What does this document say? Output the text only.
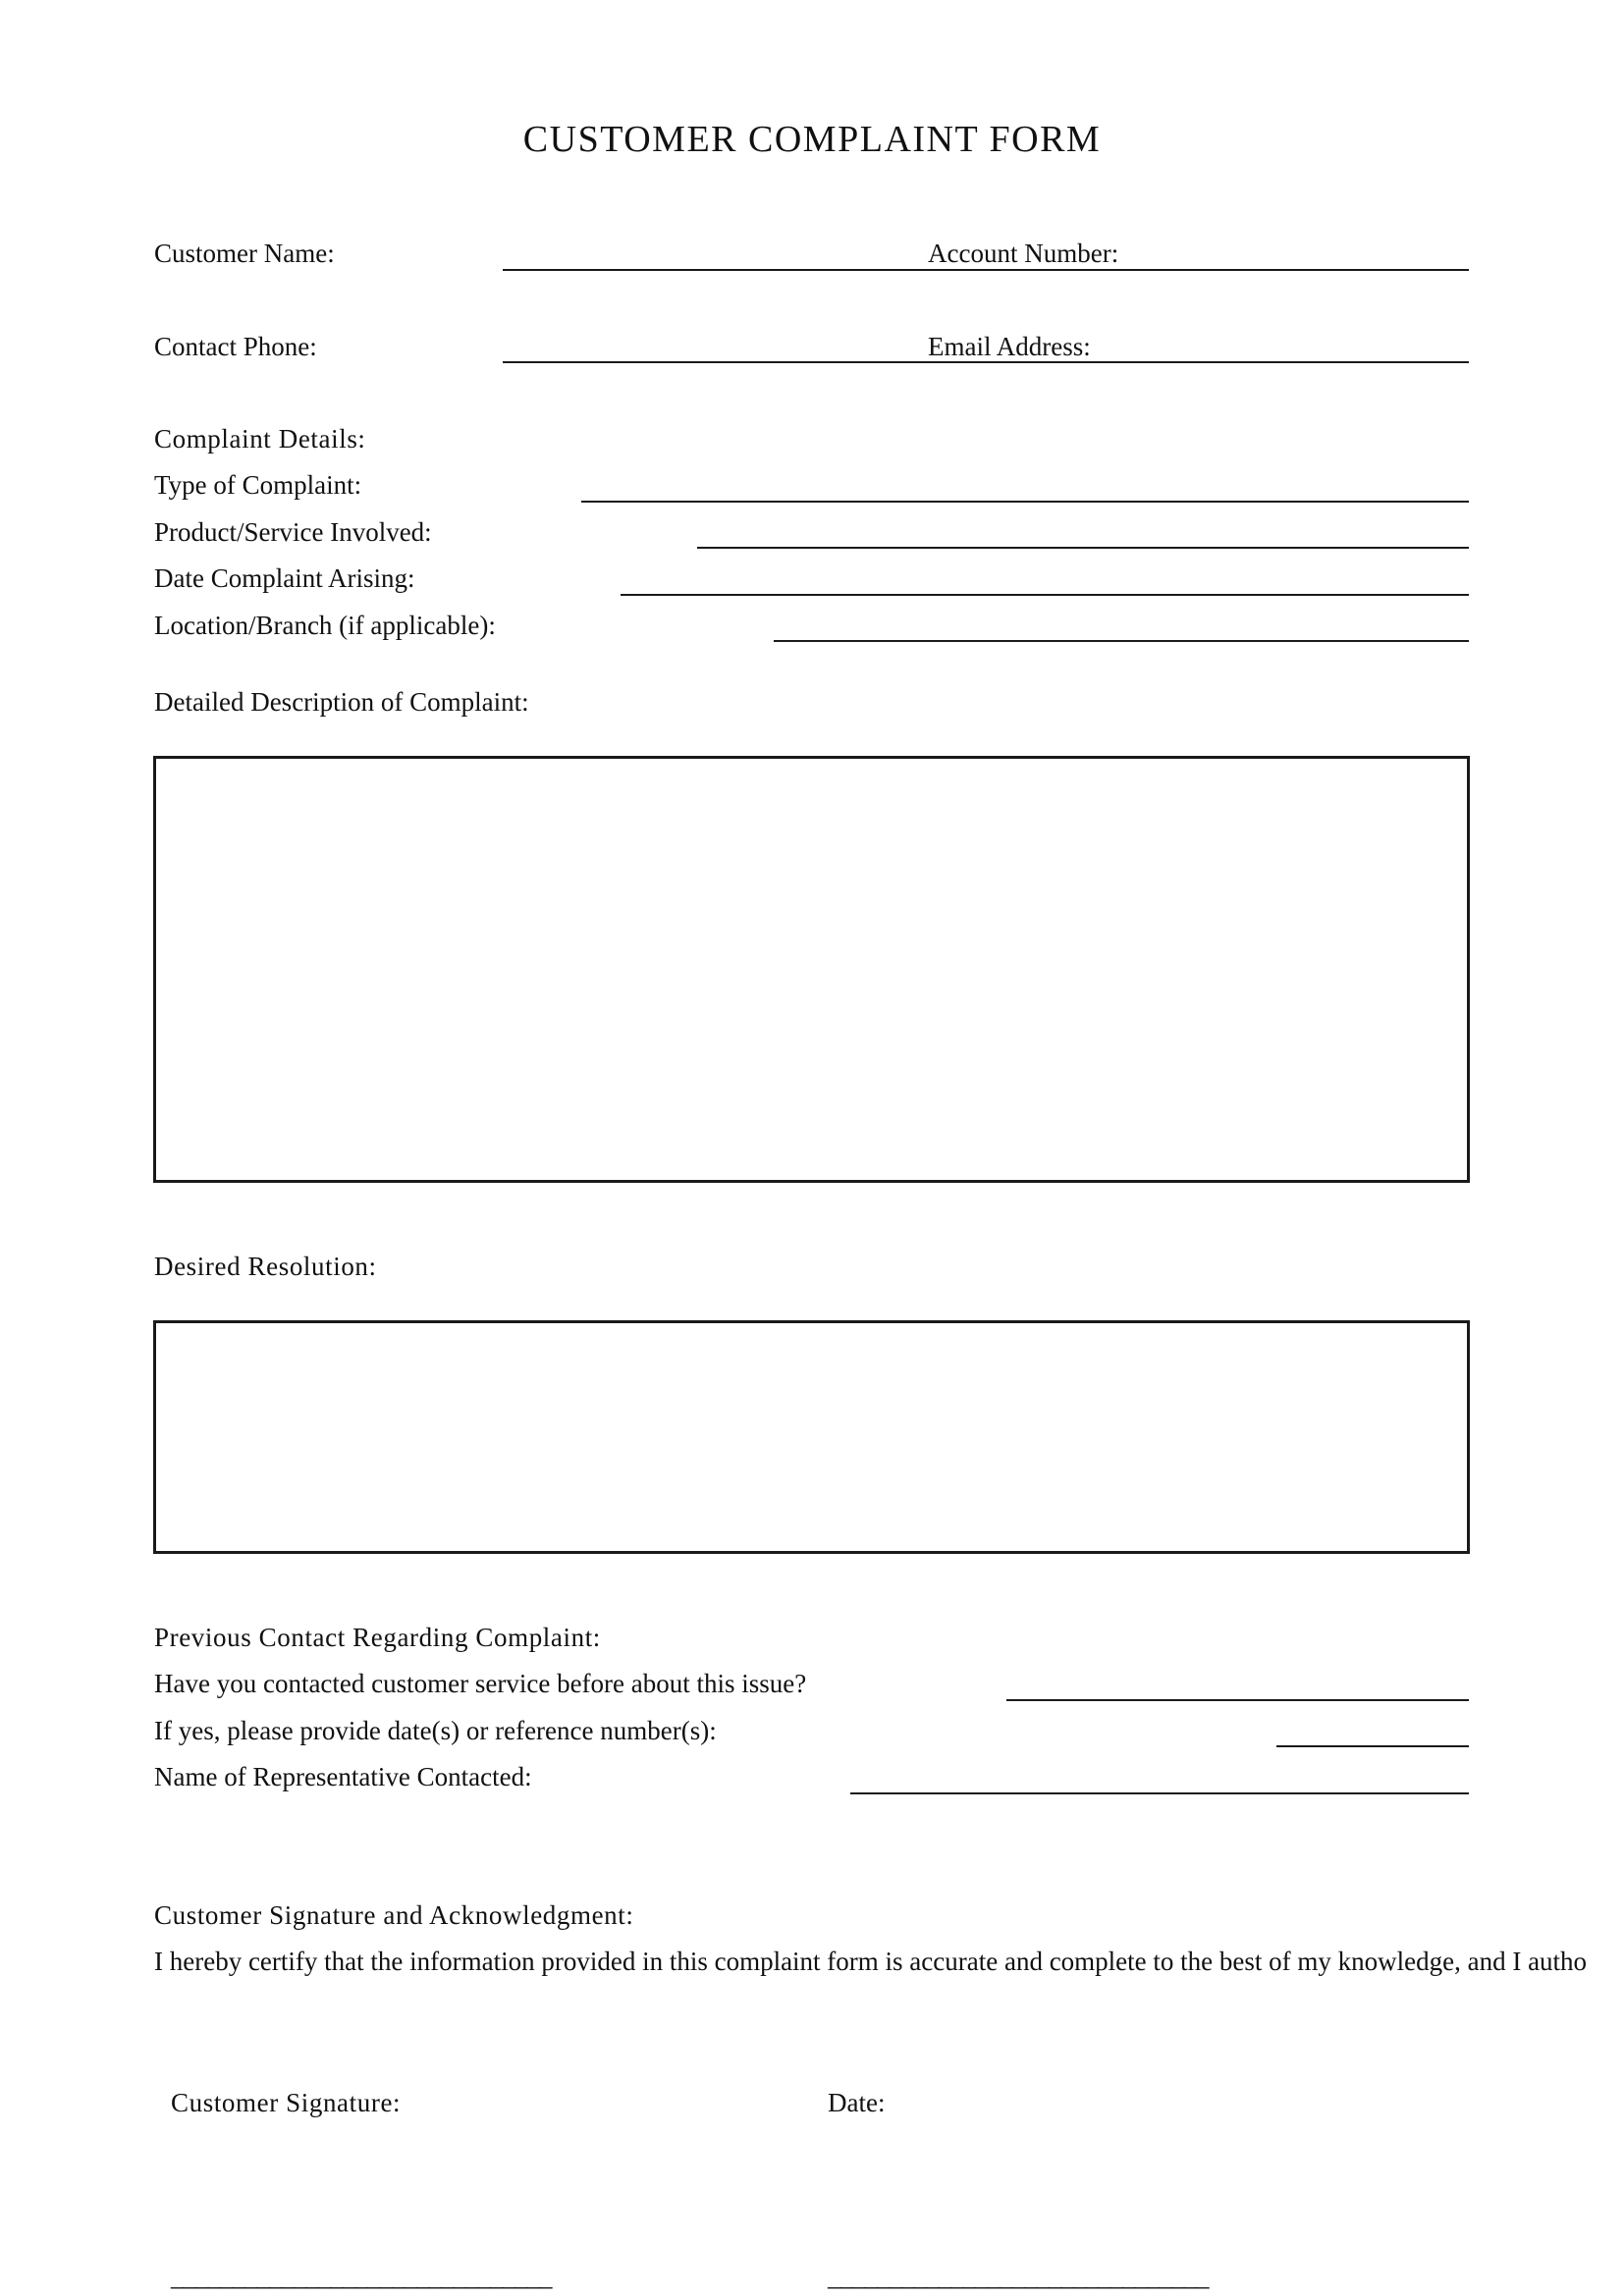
CUSTOMER COMPLAINT FORM
Customer Name:	Account Number:
Contact Phone:	Email Address:
Complaint Details:
Type of Complaint:
Product/Service Involved:
Date Complaint Arising:
Location/Branch (if applicable):
Detailed Description of Complaint:
Desired Resolution:
Previous Contact Regarding Complaint:
Have you contacted customer service before about this issue?
If yes, please provide date(s) or reference number(s):
Name of Representative Contacted:
Customer Signature and Acknowledgment:
I hereby certify that the information provided in this complaint form is accurate and complete to the best of my knowledge, and I autho
Customer Signature:	Date:
_______________________________	_______________________________
